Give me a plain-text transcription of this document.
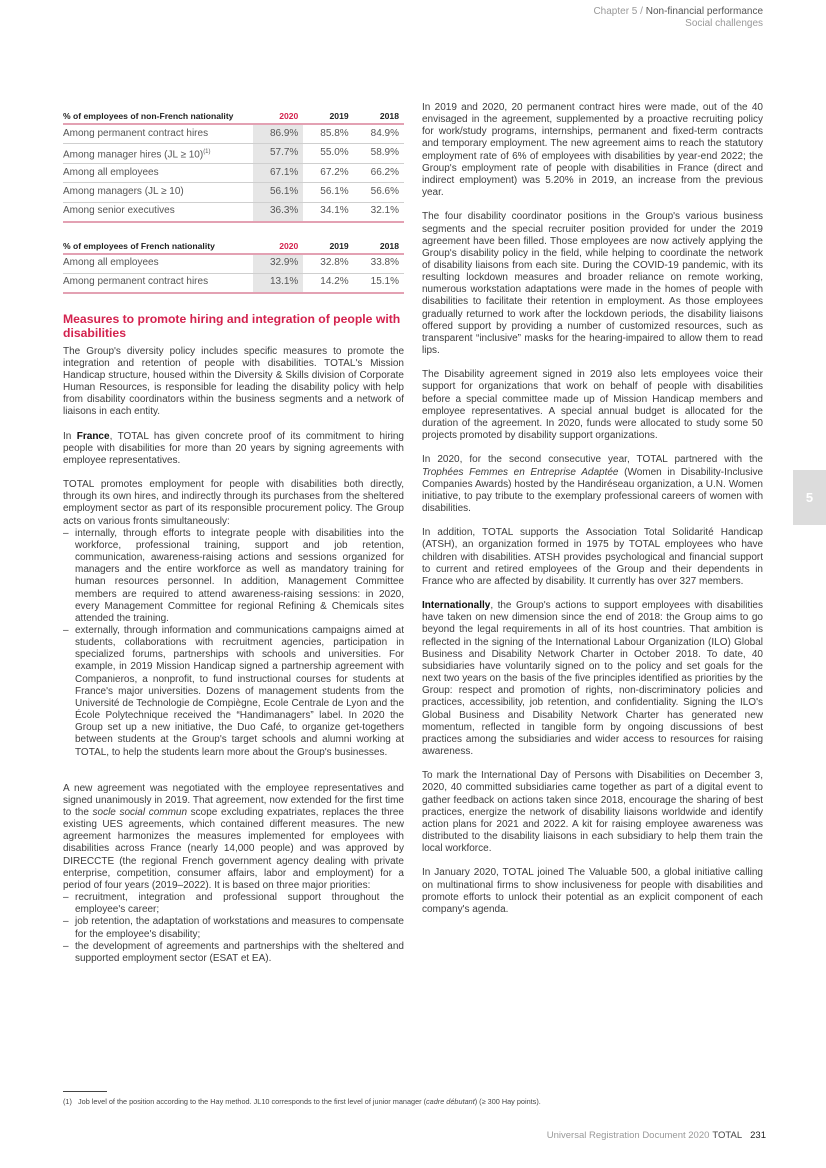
Chapter 5 / Non-financial performance
Social challenges
% of employees of non-French nationality	2020	2019	2018
Among permanent contract hires	86.9%	85.8%	84.9%
Among manager hires (JL ≥ 10)$^{(1)}$	57.7%	55.0%	58.9%
Among all employees	67.1%	67.2%	66.2%
Among managers (JL ≥ 10)	56.1%	56.1%	56.6%
Among senior executives	36.3%	34.1%	32.1%
% of employees of French nationality	2020	2019	2018
Among all employees	32.9%	32.8%	33.8%
Among permanent contract hires	13.1%	14.2%	15.1%
Measures to promote hiring and integration of people with disabilities

The Group's diversity policy includes specific measures to promote the integration and retention of people with disabilities. TOTAL's Mission Handicap structure, housed within the Diversity & Skills division of Corporate Human Resources, is responsible for leading the disability policy with help from disability coordinators within the business segments and a network of liaisons in each entity.

In France, TOTAL has given concrete proof of its commitment to hiring people with disabilities for more than 20 years by signing agreements with employee representatives.

TOTAL promotes employment for people with disabilities both directly, through its own hires, and indirectly through its purchases from the sheltered employment sector as part of its responsible procurement policy. The Group acts on various fronts simultaneously:

– internally, through efforts to integrate people with disabilities into the workforce, professional training, support and job retention, communication, awareness-raising actions and sessions organized for managers and the entire workforce as well as mandatory training for human resources personnel. In addition, Management Committee members are required to attend awareness-raising sessions: in 2020, every Management Committee for regional Refining & Chemicals sites attended the training.
– externally, through information and communications campaigns aimed at students, collaborations with recruitment agencies, participation in specialized forums, partnerships with schools and universities. For example, in 2019 Mission Handicap signed a partnership agreement with Companieros, a nonprofit, to fund instructional courses for students at France's major universities. Dozens of management students from the Université de Technologie de Compiègne, Ecole Centrale de Lyon and the École Polytechnique received the “Handimanagers” label. In 2020 the Group set up a new initiative, the Duo Café, to organize get-togethers between students at the Group's target schools and alumni working at TOTAL, to help the students learn more about the Group's businesses.

A new agreement was negotiated with the employee representatives and signed unanimously in 2019. That agreement, now extended for the first time to the socle social commun scope excluding expatriates, replaces the three existing UES agreements, which contained different measures. The new agreement harmonizes the measures implemented for employees with disabilities across France (nearly 14,000 people) and was approved by DIRECCTE (the regional French government agency dealing with private enterprise, competition, consumer affairs, labor and employment) for a period of four years (2019–2022). It is based on three major priorities:

– recruitment, integration and professional support throughout the employee's career;
– job retention, the adaptation of workstations and measures to compensate for the employee's disability;
– the development of agreements and partnerships with the sheltered and supported employment sector (ESAT et EA).

In 2019 and 2020, 20 permanent contract hires were made, out of the 40 envisaged in the agreement, supplemented by a proactive recruiting policy for work/study programs, internships, permanent and fixed-term contracts and temporary employment. The new agreement aims to reach the statutory employment rate of 6% of employees with disabilities by year-end 2022; the Group's employment rate of people with disabilities in France (direct and indirect employment) was 5.20% in 2019, an increase from the previous year.

The four disability coordinator positions in the Group's various business segments and the special recruiter position provided for under the 2019 agreement have been filled. Those employees are now actively applying the Group's disability policy in the field, while helping to coordinate the network of disability liaisons from each site. During the COVID-19 pandemic, with its resulting lockdown measures and broader reliance on remote working, numerous workstation adaptations were made in the homes of people with disabilities to facilitate their retention in employment. As those employees gradually returned to work after the lockdown periods, the disability liaisons offered support by providing a number of customized resources, such as transparent “inclusive” masks for the hearing-impaired to allow them to read lips.

The Disability agreement signed in 2019 also lets employees voice their support for organizations that work on behalf of people with disabilities before a special committee made up of Mission Handicap members and employee representatives. A special annual budget is allocated for the duration of the agreement. In 2020, funds were allocated to study some 50 projects promoted by disability support organizations.

In 2020, for the second consecutive year, TOTAL partnered with the Trophées Femmes en Entreprise Adaptée (Women in Disability-Inclusive Companies Awards) hosted by the Handiréseau organization, a U.N. Women initiative, to pay tribute to the exemplary professional careers of women with disabilities.

In addition, TOTAL supports the Association Total Solidarité Handicap (ATSH), an organization formed in 1975 by TOTAL employees who have children with disabilities. ATSH provides psychological and financial support to current and retired employees of the Group and their dependents in France who are affected by disability. It currently has over 327 members.

Internationally, the Group's actions to support employees with disabilities have taken on new dimension since the end of 2018: the Group aims to go beyond the legal requirements in all of its host countries. That ambition is reflected in the signing of the International Labour Organization (ILO) Global Business and Disability Network Charter in October 2018. To date, 40 subsidiaries have voluntarily signed on to the policy and set goals for the next two years on the basis of the five principles identified as priorities by the Group: respect and promotion of rights, non-discriminatory policies and practices, accessibility, job retention, and confidentiality. Signing the ILO's Global Business and Disability Network Charter has generated new momentum, reflected in tangible form by ongoing discussions of best practices among the subsidiaries and wider access to resources for raising awareness.

To mark the International Day of Persons with Disabilities on December 3, 2020, 40 committed subsidiaries came together as part of a digital event to gather feedback on actions taken since 2018, encourage the sharing of best practices, energize the network of disability liaisons worldwide and identify action plans for 2021 and 2022. A kit for raising employee awareness was distributed to the disability liaisons in each subsidiary to help them train the local workforce.

In January 2020, TOTAL joined The Valuable 500, a global initiative calling on multinational firms to show inclusiveness for people with disabilities and promote efforts to unlock their potential as an explicit component of each company's agenda.

5
(1) Job level of the position according to the Hay method. JL10 corresponds to the first level of junior manager (cadre débutant) (≥ 300 Hay points).
Universal Registration Document 2020 TOTAL 231
